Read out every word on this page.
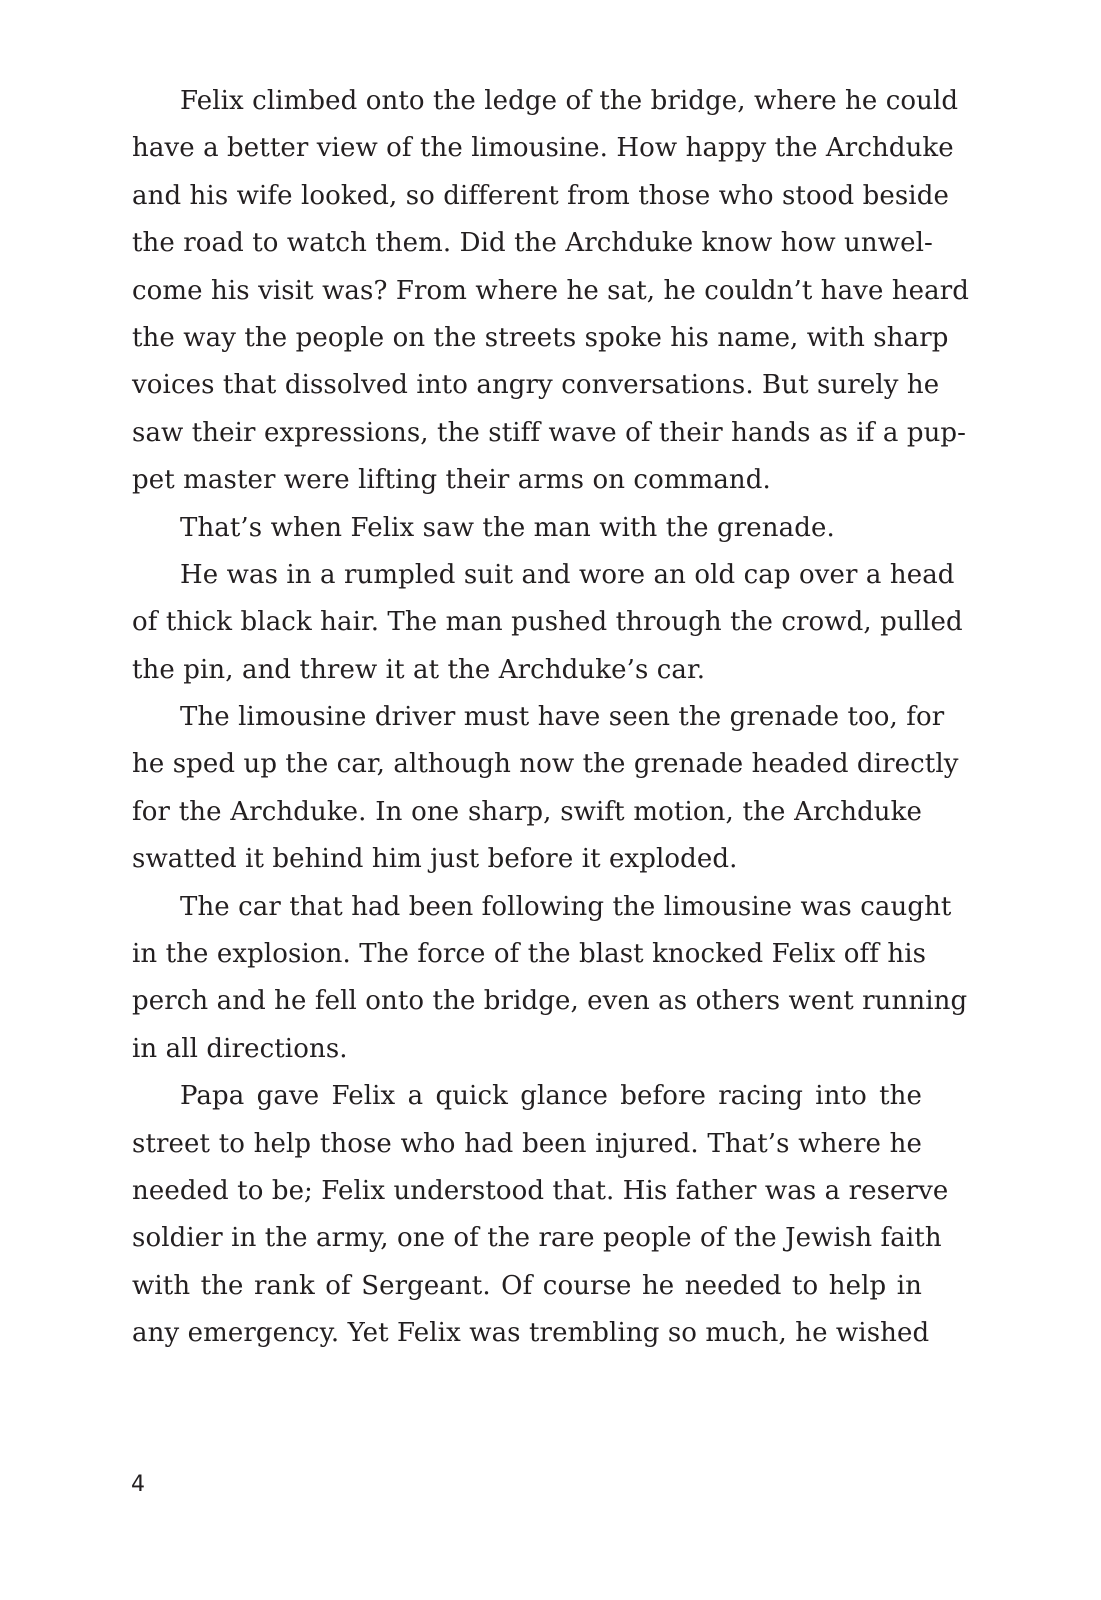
Felix climbed onto the ledge of the bridge, where he could
have a better view of the limousine. How happy the Archduke
and his wife looked, so different from those who stood beside
the road to watch them. Did the Archduke know how unwel-
come his visit was? From where he sat, he couldn’t have heard
the way the people on the streets spoke his name, with sharp
voices that dissolved into angry conversations. But surely he
saw their expressions, the stiff wave of their hands as if a pup-
pet master were lifting their arms on command.
That’s when Felix saw the man with the grenade.
He was in a rumpled suit and wore an old cap over a head
of thick black hair. The man pushed through the crowd, pulled
the pin, and threw it at the Archduke’s car.
The limousine driver must have seen the grenade too, for
he sped up the car, although now the grenade headed directly
for the Archduke. In one sharp, swift motion, the Archduke
swatted it behind him just before it exploded.
The car that had been following the limousine was caught
in the explosion. The force of the blast knocked Felix off his
perch and he fell onto the bridge, even as others went running
in all directions.
Papa gave Felix a quick glance before racing into the
street to help those who had been injured. That’s where he
needed to be; Felix understood that. His father was a reserve
soldier in the army, one of the rare people of the Jewish faith
with the rank of Sergeant. Of course he needed to help in
any emergency. Yet Felix was trembling so much, he wished
4
